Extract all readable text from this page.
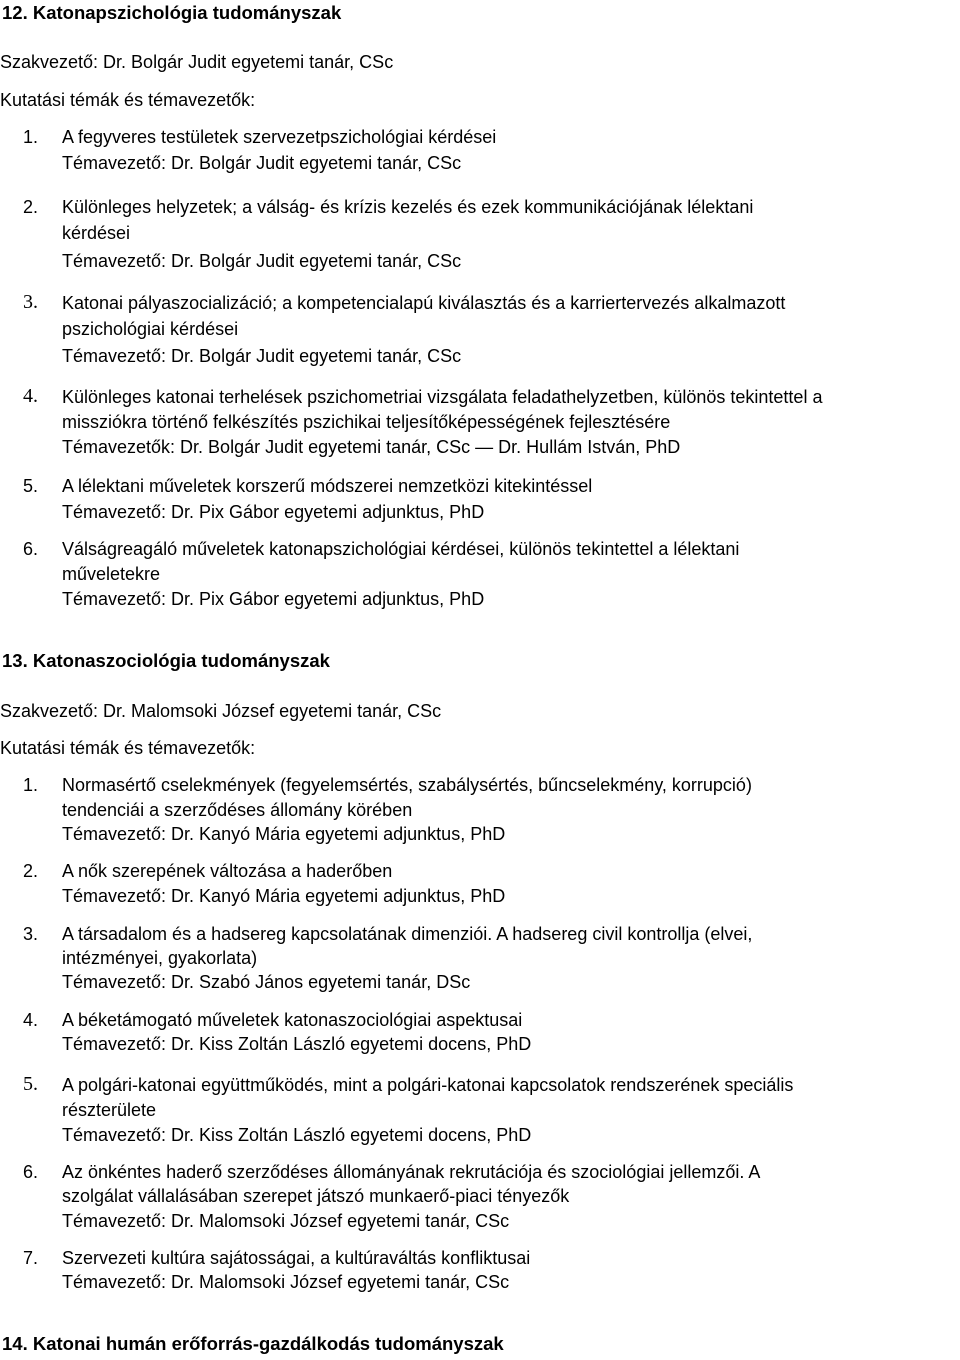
12. Katonapszichológia tudományszak
Szakvezető: Dr. Bolgár Judit egyetemi tanár, CSc
Kutatási témák és témavezetők:
1. A fegyveres testületek szervezetpszichológiai kérdései
Témavezető: Dr. Bolgár Judit egyetemi tanár, CSc
2. Különleges helyzetek; a válság- és krízis kezelés és ezek kommunikációjának lélektani
kérdései
Témavezető: Dr. Bolgár Judit egyetemi tanár, CSc
3. Katonai pályaszocializáció; a kompetencialapú kiválasztás és a karriertervezés alkalmazott
pszichológiai kérdései
Témavezető: Dr. Bolgár Judit egyetemi tanár, CSc
4. Különleges katonai terhelések pszichometriai vizsgálata feladathelyzetben, különös tekintettel a
missziókra történő felkészítés pszichikai teljesítőképességének fejlesztésére
Témavezetők: Dr. Bolgár Judit egyetemi tanár, CSc — Dr. Hullám István, PhD
5. A lélektani műveletek korszerű módszerei nemzetközi kitekintéssel
Témavezető: Dr. Pix Gábor egyetemi adjunktus, PhD
6. Válságreagáló műveletek katonapszichológiai kérdései, különös tekintettel a lélektani
műveletekre
Témavezető: Dr. Pix Gábor egyetemi adjunktus, PhD
13. Katonaszociológia tudományszak
Szakvezető: Dr. Malomsoki József egyetemi tanár, CSc
Kutatási témák és témavezetők:
1. Normasértő cselekmények (fegyelemsértés, szabálysértés, bűncselekmény, korrupció)
tendenciái a szerződéses állomány körében
Témavezető: Dr. Kanyó Mária egyetemi adjunktus, PhD
2. A nők szerepének változása a haderőben
Témavezető: Dr. Kanyó Mária egyetemi adjunktus, PhD
3. A társadalom és a hadsereg kapcsolatának dimenziói. A hadsereg civil kontrollja (elvei,
intézményei, gyakorlata)
Témavezető: Dr. Szabó János egyetemi tanár, DSc
4. A béketámogató műveletek katonaszociológiai aspektusai
Témavezető: Dr. Kiss Zoltán László egyetemi docens, PhD
5. A polgári-katonai együttműködés, mint a polgári-katonai kapcsolatok rendszerének speciális
részterülete
Témavezető: Dr. Kiss Zoltán László egyetemi docens, PhD
6. Az önkéntes haderő szerződéses állományának rekrutációja és szociológiai jellemzői. A
szolgálat vállalásában szerepet játszó munkaerő-piaci tényezők
Témavezető: Dr. Malomsoki József egyetemi tanár, CSc
7. Szervezeti kultúra sajátosságai, a kultúraváltás konfliktusai
Témavezető: Dr. Malomsoki József egyetemi tanár, CSc
14. Katonai humán erőforrás-gazdálkodás tudományszak
